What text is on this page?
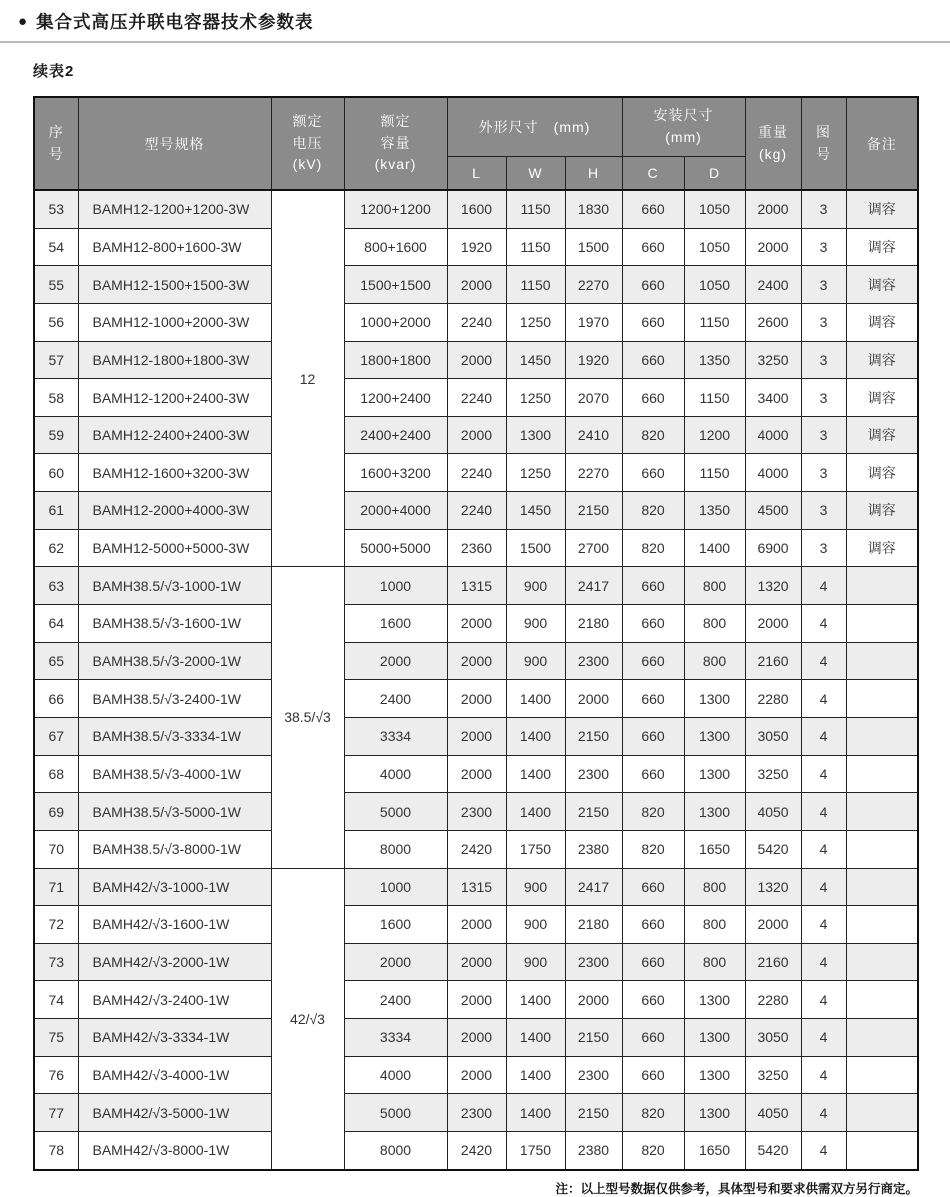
● 集合式高压并联电容器技术参数表
续表2
序
号	型号规格	额定
电压
(kV)	额定
容量
(kvar)	外形尺寸　(mm)			安装尺寸
(mm)		重量
(kg)	图
号	备注
				L	W	H	C	D			
53	BAMH12-1200+1200-3W	12	1200+1200	1600	1150	1830	660	1050	2000	3	调容
54	BAMH12-800+1600-3W		800+1600	1920	1150	1500	660	1050	2000	3	调容
55	BAMH12-1500+1500-3W		1500+1500	2000	1150	2270	660	1050	2400	3	调容
56	BAMH12-1000+2000-3W		1000+2000	2240	1250	1970	660	1150	2600	3	调容
57	BAMH12-1800+1800-3W		1800+1800	2000	1450	1920	660	1350	3250	3	调容
58	BAMH12-1200+2400-3W		1200+2400	2240	1250	2070	660	1150	3400	3	调容
59	BAMH12-2400+2400-3W		2400+2400	2000	1300	2410	820	1200	4000	3	调容
60	BAMH12-1600+3200-3W		1600+3200	2240	1250	2270	660	1150	4000	3	调容
61	BAMH12-2000+4000-3W		2000+4000	2240	1450	2150	820	1350	4500	3	调容
62	BAMH12-5000+5000-3W		5000+5000	2360	1500	2700	820	1400	6900	3	调容
63	BAMH38.5/√3-1000-1W	38.5/√3	1000	1315	900	2417	660	800	1320	4	
64	BAMH38.5/√3-1600-1W		1600	2000	900	2180	660	800	2000	4	
65	BAMH38.5/√3-2000-1W		2000	2000	900	2300	660	800	2160	4	
66	BAMH38.5/√3-2400-1W		2400	2000	1400	2000	660	1300	2280	4	
67	BAMH38.5/√3-3334-1W		3334	2000	1400	2150	660	1300	3050	4	
68	BAMH38.5/√3-4000-1W		4000	2000	1400	2300	660	1300	3250	4	
69	BAMH38.5/√3-5000-1W		5000	2300	1400	2150	820	1300	4050	4	
70	BAMH38.5/√3-8000-1W		8000	2420	1750	2380	820	1650	5420	4	
71	BAMH42/√3-1000-1W	42/√3	1000	1315	900	2417	660	800	1320	4	
72	BAMH42/√3-1600-1W		1600	2000	900	2180	660	800	2000	4	
73	BAMH42/√3-2000-1W		2000	2000	900	2300	660	800	2160	4	
74	BAMH42/√3-2400-1W		2400	2000	1400	2000	660	1300	2280	4	
75	BAMH42/√3-3334-1W		3334	2000	1400	2150	660	1300	3050	4	
76	BAMH42/√3-4000-1W		4000	2000	1400	2300	660	1300	3250	4	
77	BAMH42/√3-5000-1W		5000	2300	1400	2150	820	1300	4050	4	
78	BAMH42/√3-8000-1W		8000	2420	1750	2380	820	1650	5420	4	
注：以上型号数据仅供参考，具体型号和要求供需双方另行商定。
